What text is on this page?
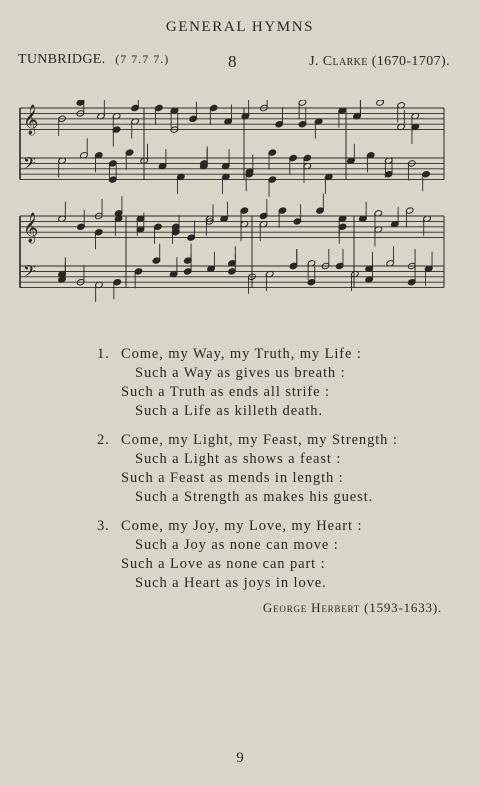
GENERAL HYMNS
TUNBRIDGE. (7 7.7 7.)	8	J. Clarke (1670-1707).
𝄞
𝄢
𝄞
𝄢
1. Come, my Way, my Truth, my Life :
Such a Way as gives us breath :
Such a Truth as ends all strife :
Such a Life as killeth death.
2. Come, my Light, my Feast, my Strength :
Such a Light as shows a feast :
Such a Feast as mends in length :
Such a Strength as makes his guest.
3. Come, my Joy, my Love, my Heart :
Such a Joy as none can move :
Such a Love as none can part :
Such a Heart as joys in love.
George Herbert (1593-1633).
9
